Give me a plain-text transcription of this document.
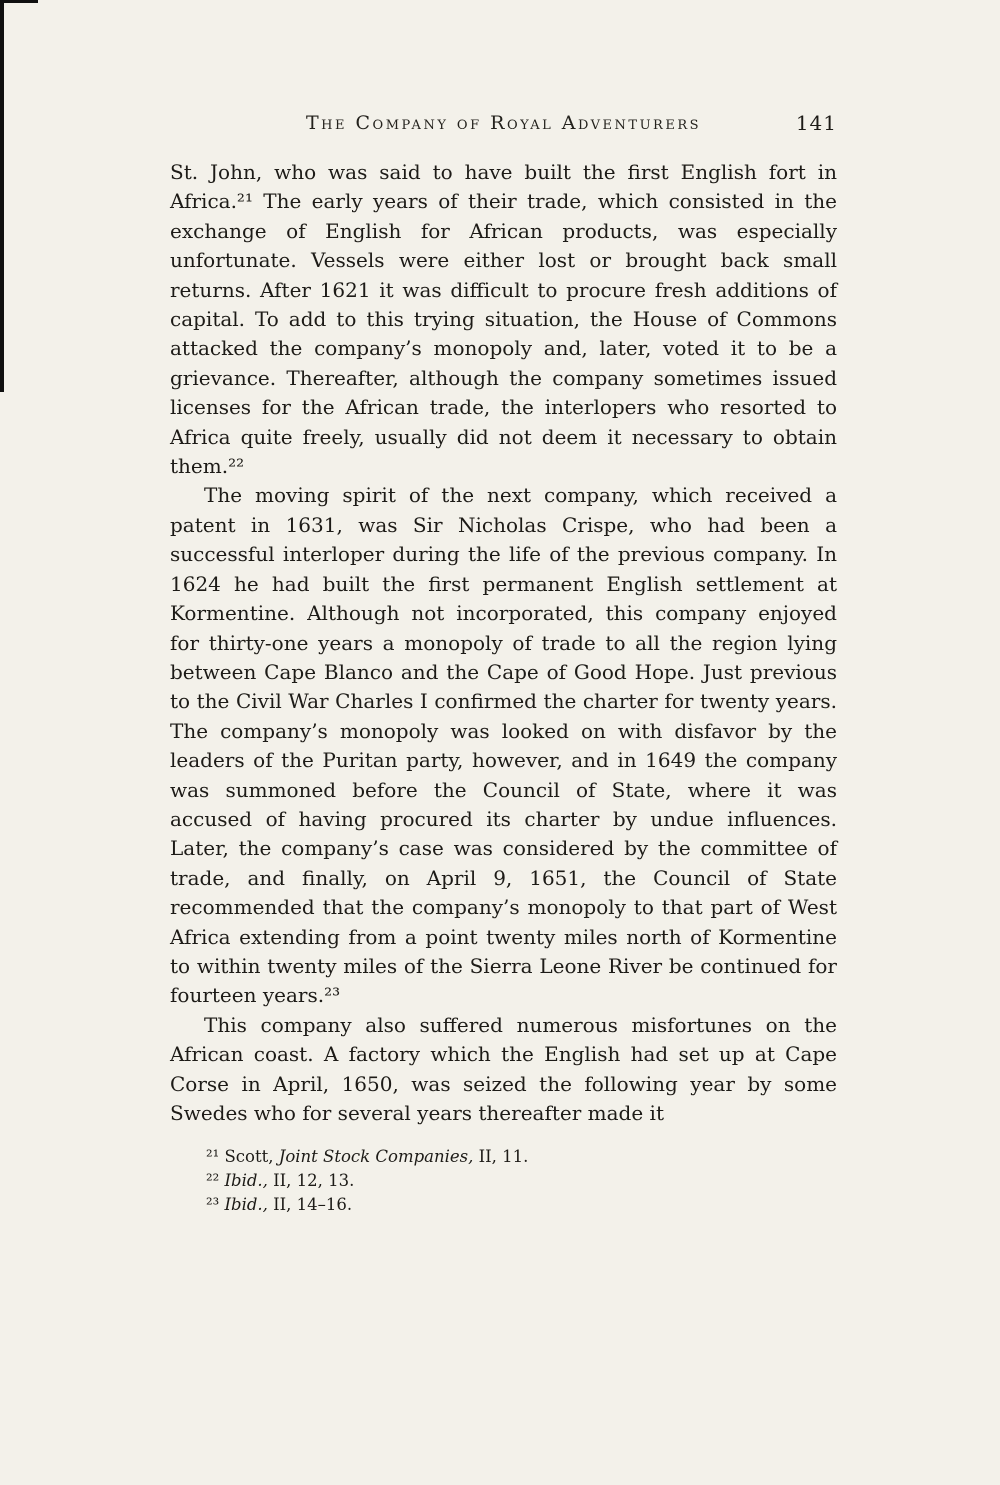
The Company of Royal Adventurers	141

St. John, who was said to have built the first English fort in Africa.²¹ The early years of their trade, which consisted in the exchange of English for African products, was especially unfortunate. Vessels were either lost or brought back small returns. After 1621 it was difficult to procure fresh additions of capital. To add to this trying situation, the House of Commons attacked the company’s monopoly and, later, voted it to be a grievance. Thereafter, although the company sometimes issued licenses for the African trade, the interlopers who resorted to Africa quite freely, usually did not deem it necessary to obtain them.²²

The moving spirit of the next company, which received a patent in 1631, was Sir Nicholas Crispe, who had been a successful interloper during the life of the previous company. In 1624 he had built the first permanent English settlement at Kormentine. Although not incorporated, this company enjoyed for thirty-one years a monopoly of trade to all the region lying between Cape Blanco and the Cape of Good Hope. Just previous to the Civil War Charles I confirmed the charter for twenty years. The company’s monopoly was looked on with disfavor by the leaders of the Puritan party, however, and in 1649 the company was summoned before the Council of State, where it was accused of having procured its charter by undue influences. Later, the company’s case was considered by the committee of trade, and finally, on April 9, 1651, the Council of State recommended that the company’s monopoly to that part of West Africa extending from a point twenty miles north of Kormentine to within twenty miles of the Sierra Leone River be continued for fourteen years.²³

This company also suffered numerous misfortunes on the African coast. A factory which the English had set up at Cape Corse in April, 1650, was seized the following year by some Swedes who for several years thereafter made it

²¹ Scott, Joint Stock Companies, II, 11.
²² Ibid., II, 12, 13.
²³ Ibid., II, 14–16.
